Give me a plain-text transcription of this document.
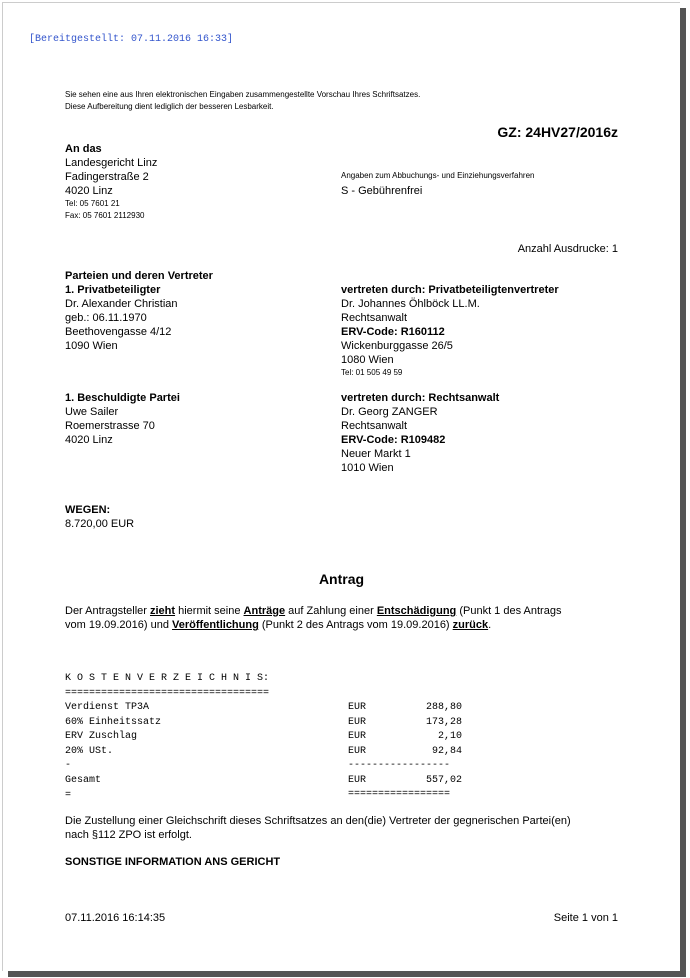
[Bereitgestellt: 07.11.2016 16:33]
Sie sehen eine aus Ihren elektronischen Eingaben zusammengestellte Vorschau Ihres Schriftsatzes.
Diese Aufbereitung dient lediglich der besseren Lesbarkeit.
GZ: 24HV27/2016z
An das
Landesgericht Linz
Fadingerstraße 2
4020 Linz
Tel: 05 7601 21
Fax: 05 7601 2112930
Angaben zum Abbuchungs- und Einziehungsverfahren
S - Gebührenfrei
Anzahl Ausdrucke: 1
Parteien und deren Vertreter
1. Privatbeteiligter
Dr. Alexander Christian
geb.: 06.11.1970
Beethovengasse 4/12
1090 Wien
vertreten durch: Privatbeteiligtenvertreter
Dr. Johannes Öhlböck LL.M.
Rechtsanwalt
ERV-Code: R160112
Wickenburggasse 26/5
1080 Wien
Tel: 01 505 49 59
1. Beschuldigte Partei
Uwe Sailer
Roemerstrasse 70
4020 Linz
vertreten durch: Rechtsanwalt
Dr. Georg ZANGER
Rechtsanwalt
ERV-Code: R109482
Neuer Markt 1
1010 Wien
WEGEN:
8.720,00 EUR
Antrag
Der Antragsteller zieht hiermit seine Anträge auf Zahlung einer Entschädigung (Punkt 1 des Antrags
vom 19.09.2016) und Veröffentlichung (Punkt 2 des Antrags vom 19.09.2016) zurück.
K O S T E N V E R Z E I C H N I S:
==================================
Verdienst TP3A
60% Einheitssatz
ERV Zuschlag
20% USt.
-
Gesamt
=
EUR
EUR
EUR
EUR

EUR
288,80
173,28
2,10
92,84

557,02
-----------------
=================
Die Zustellung einer Gleichschrift dieses Schriftsatzes an den(die) Vertreter der gegnerischen Partei(en)
nach §112 ZPO ist erfolgt.
SONSTIGE INFORMATION ANS GERICHT
07.11.2016 16:14:35	Seite 1 von 1
